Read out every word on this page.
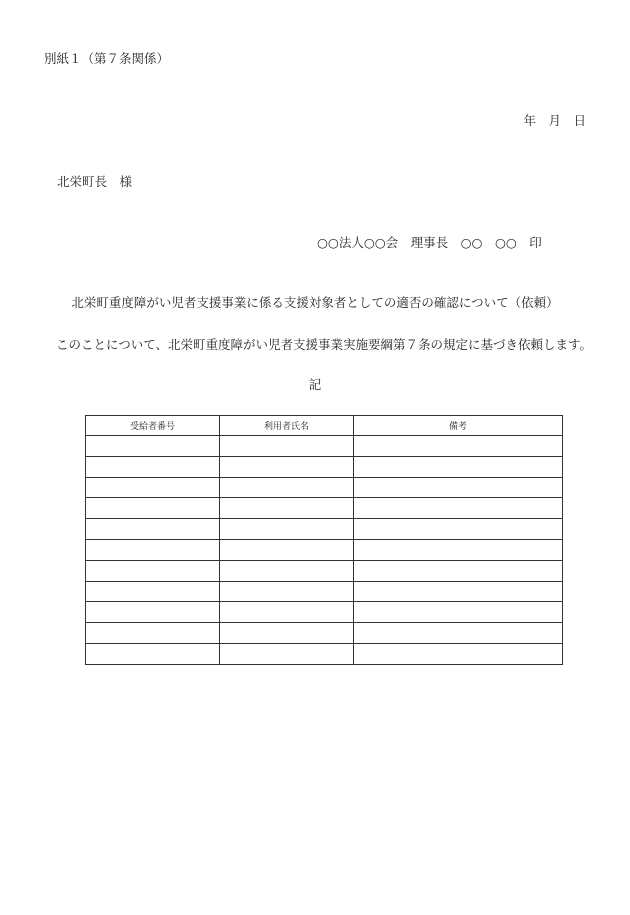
別紙１（第７条関係）
年　月　日
北栄町長　様
○○法人○○会　理事長　○○　○○　印
北栄町重度障がい児者支援事業に係る支援対象者としての適否の確認について（依頼）
このことについて、北栄町重度障がい児者支援事業実施要綱第７条の規定に基づき依頼します。
記
受給者番号	利用者氏名	備考
